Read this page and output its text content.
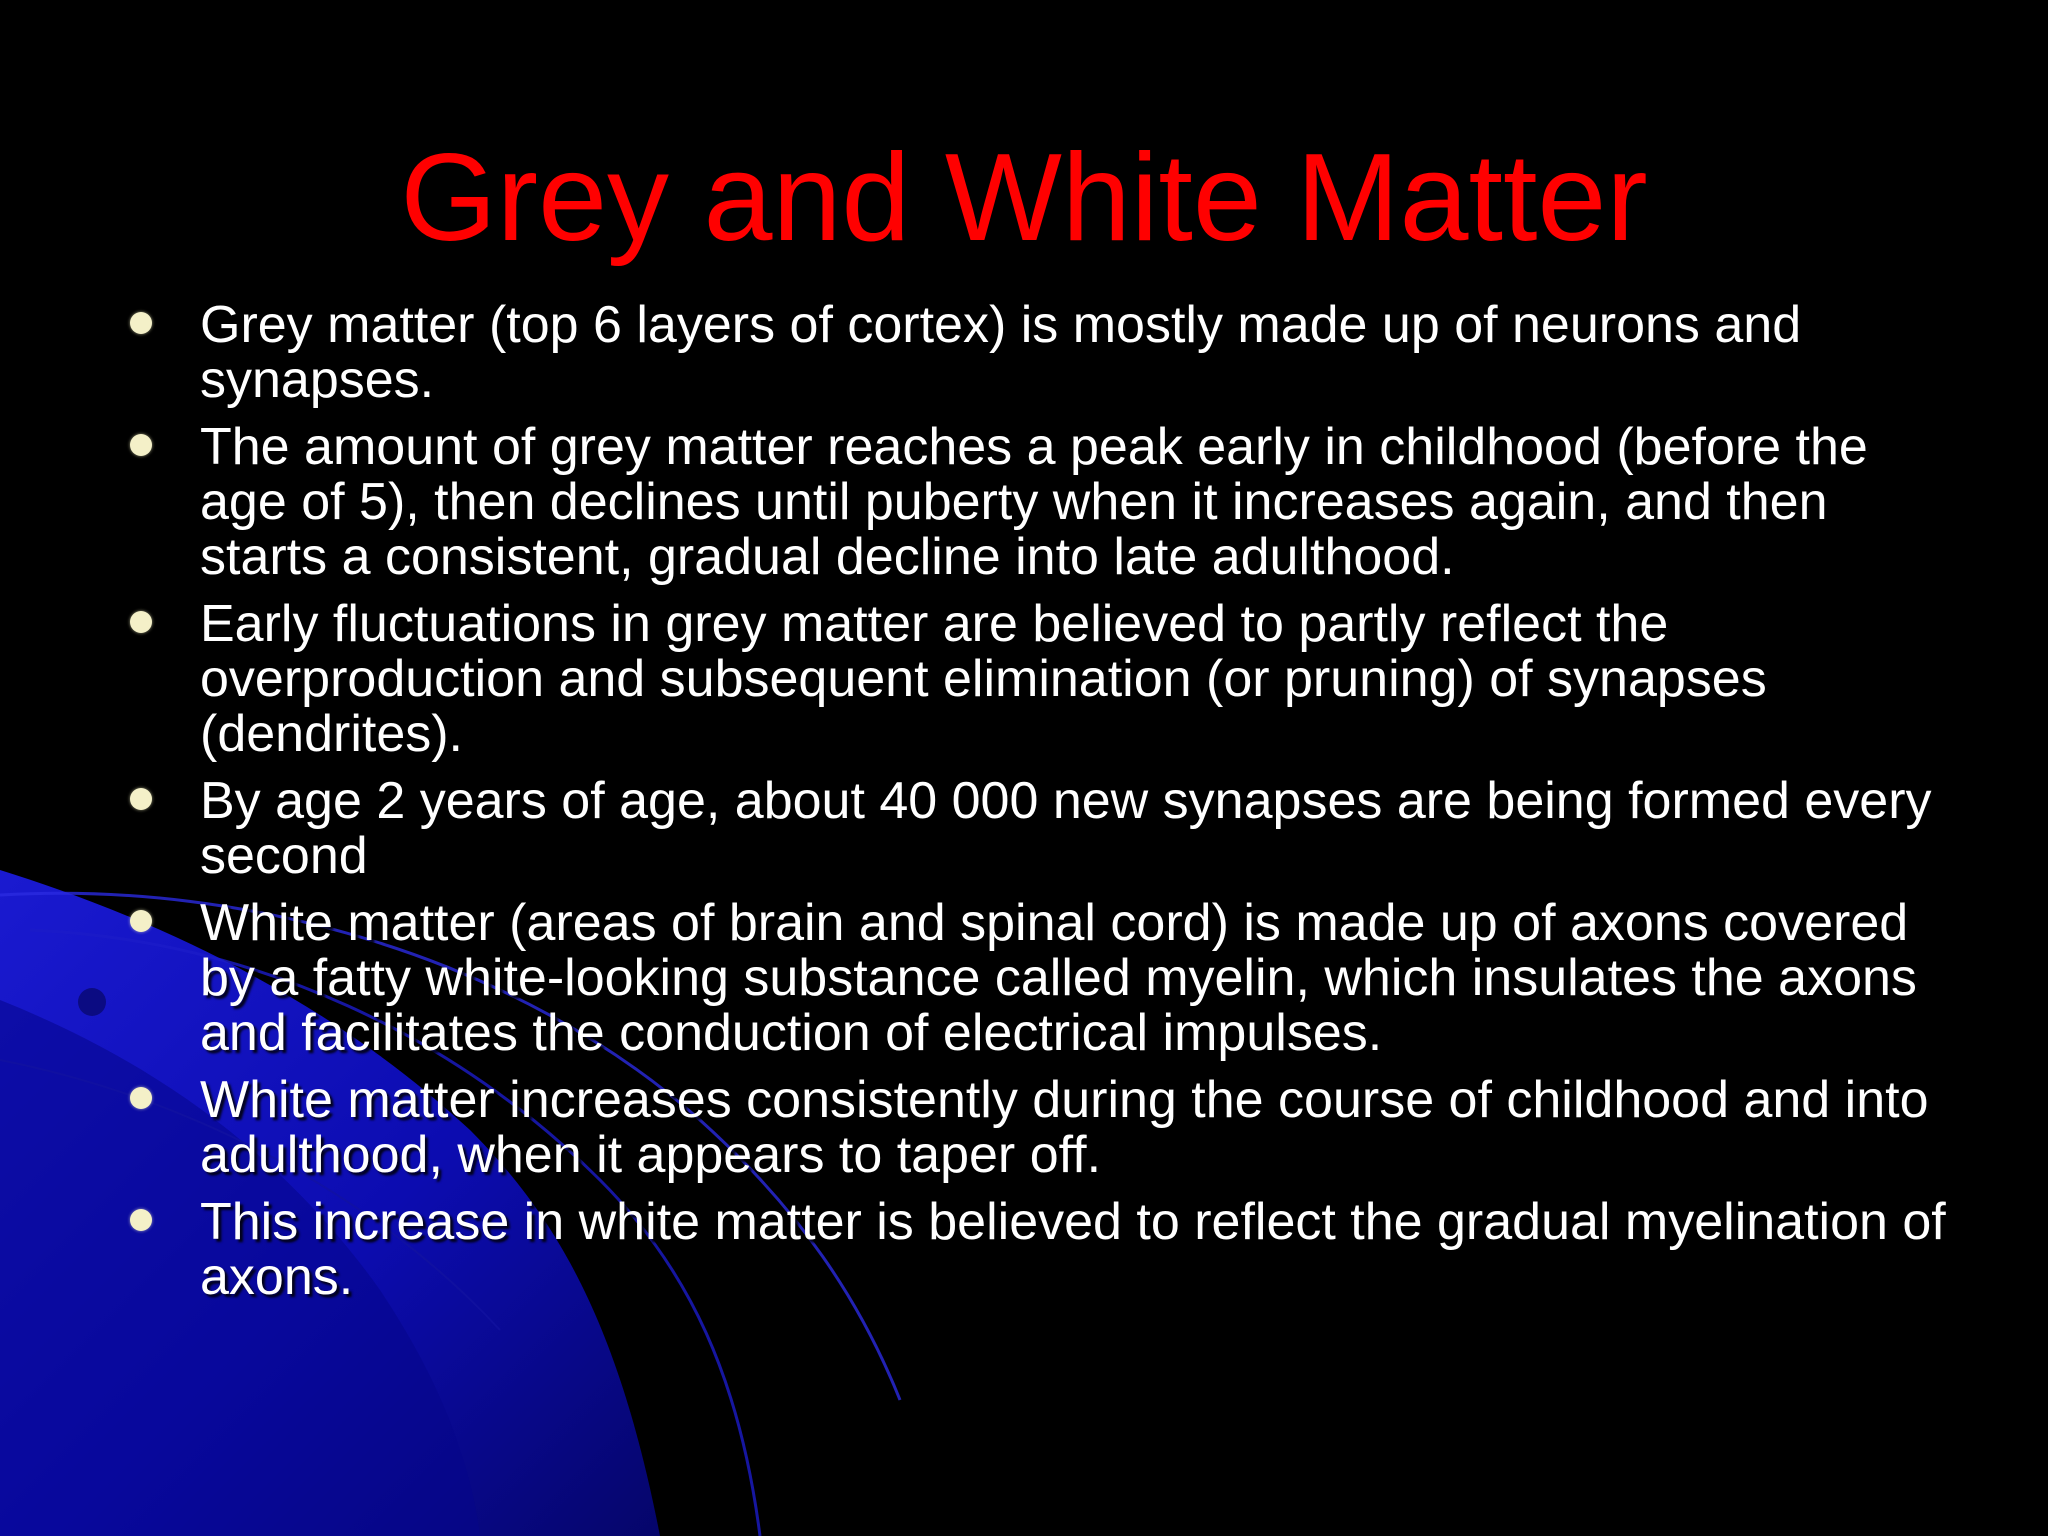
Grey and White Matter
Grey matter (top 6 layers of cortex) is mostly made up of neurons and synapses.
The amount of grey matter reaches a peak early in childhood (before the age of 5), then declines until puberty when it increases again, and then starts a consistent, gradual decline into late adulthood.
Early fluctuations in grey matter are believed to partly reflect the overproduction and subsequent elimination (or pruning) of synapses (dendrites).
By age 2 years of age, about 40 000 new synapses are being formed every second
White matter (areas of brain and spinal cord) is made up of axons covered by a fatty white-looking substance called myelin, which insulates the axons and facilitates the conduction of electrical impulses.
White matter increases consistently during the course of childhood and into adulthood, when it appears to taper off.
This increase in white matter is believed to reflect the gradual myelination of axons.
